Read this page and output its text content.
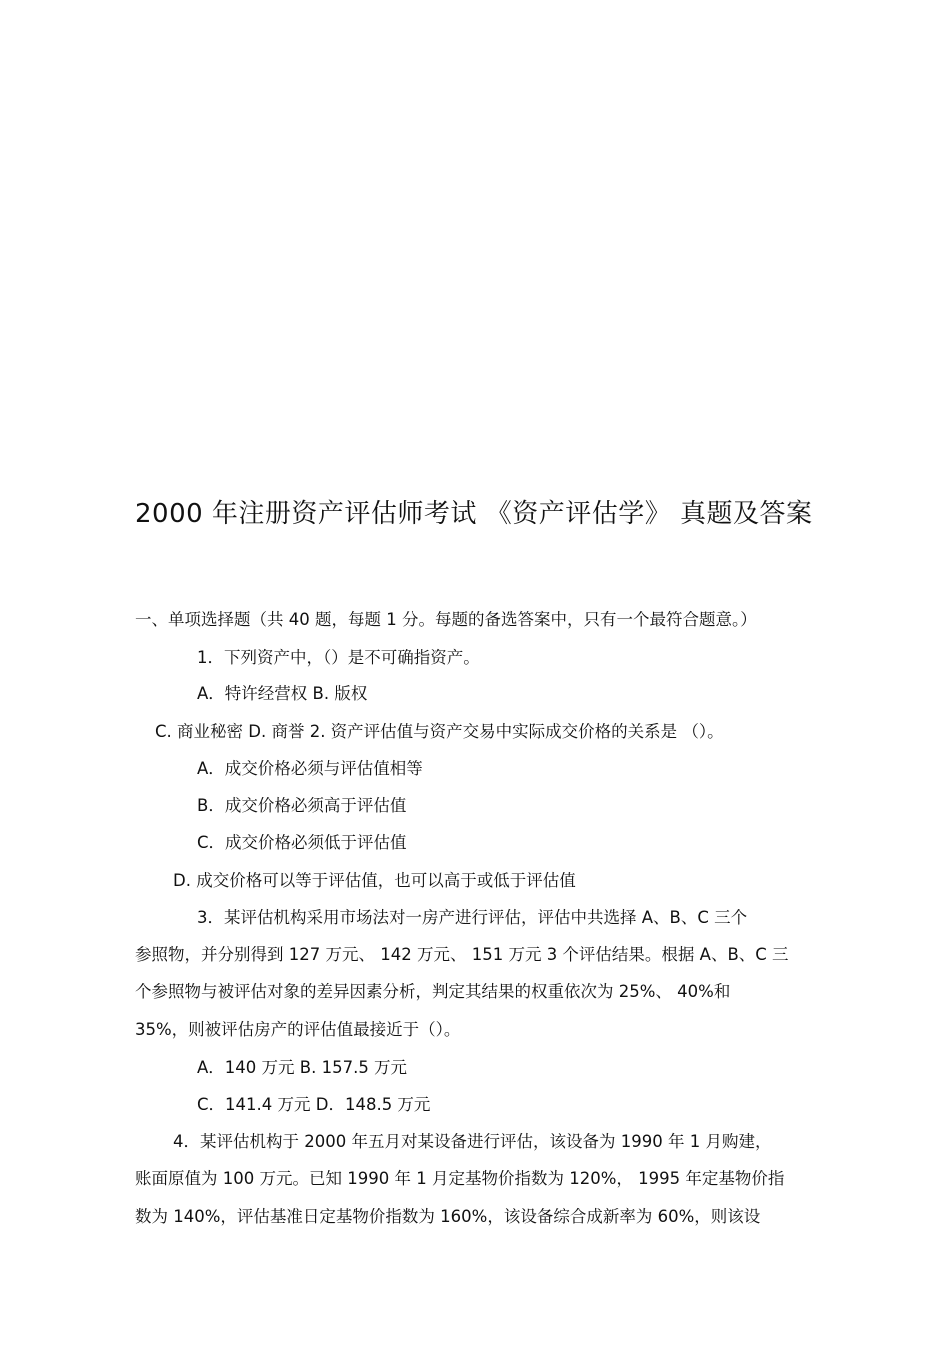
2000 年注册资产评估师考试 《资产评估学》 真题及答案
一、单项选择题（共 40 题，每题 1 分。每题的备选答案中，只有一个最符合题意。）
1．下列资产中，（）是不可确指资产。
A．特许经营权 B. 版权
C. 商业秘密 D. 商誉 2. 资产评估值与资产交易中实际成交价格的关系是 （）。
A．成交价格必须与评估值相等
B．成交价格必须高于评估值
C．成交价格必须低于评估值
D. 成交价格可以等于评估值，也可以高于或低于评估值
3．某评估机构采用市场法对一房产进行评估，评估中共选择 A、B、C 三个
参照物，并分别得到 127 万元、 142 万元、 151 万元 3 个评估结果。根据 A、B、C 三
个参照物与被评估对象的差异因素分析，判定其结果的权重依次为 25%、 40%和
35%，则被评估房产的评估值最接近于（）。
A．140 万元 B. 157.5 万元
C．141.4 万元 D．148.5 万元
4．某评估机构于 2000 年五月对某设备进行评估，该设备为 1990 年 1 月购建，
账面原值为 100 万元。已知 1990 年 1 月定基物价指数为 120%， 1995 年定基物价指
数为 140%，评估基准日定基物价指数为 160%，该设备综合成新率为 60%，则该设
